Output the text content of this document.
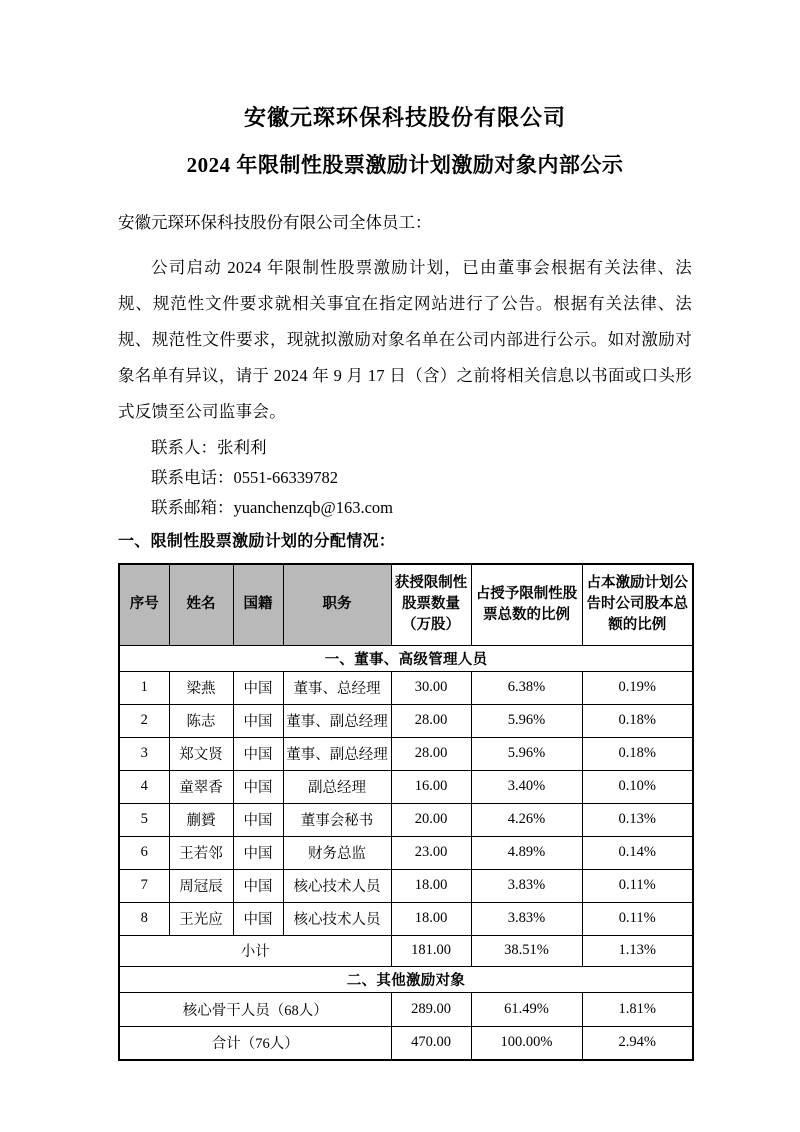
安徽元琛环保科技股份有限公司
2024 年限制性股票激励计划激励对象内部公示
安徽元琛环保科技股份有限公司全体员工：
公司启动 2024 年限制性股票激励计划，已由董事会根据有关法律、法规、规范性文件要求就相关事宜在指定网站进行了公告。根据有关法律、法规、规范性文件要求，现就拟激励对象名单在公司内部进行公示。如对激励对象名单有异议，请于 2024 年 9 月 17 日（含）之前将相关信息以书面或口头形式反馈至公司监事会。
联系人：张利利
联系电话：0551-66339782
联系邮箱：yuanchenzqb@163.com
一、限制性股票激励计划的分配情况：
序号	姓名	国籍	职务	获授限制性股票数量（万股）	占授予限制性股票总数的比例	占本激励计划公告时公司股本总额的比例
一、董事、高级管理人员						
1	梁燕	中国	董事、总经理	30.00	6.38%	0.19%
2	陈志	中国	董事、副总经理	28.00	5.96%	0.18%
3	郑文贤	中国	董事、副总经理	28.00	5.96%	0.18%
4	童翠香	中国	副总经理	16.00	3.40%	0.10%
5	蒯贇	中国	董事会秘书	20.00	4.26%	0.13%
6	王若邻	中国	财务总监	23.00	4.89%	0.14%
7	周冠辰	中国	核心技术人员	18.00	3.83%	0.11%
8	王光应	中国	核心技术人员	18.00	3.83%	0.11%
小计				181.00	38.51%	1.13%
二、其他激励对象						
核心骨干人员（68人）				289.00	61.49%	1.81%
合计（76人）				470.00	100.00%	2.94%
